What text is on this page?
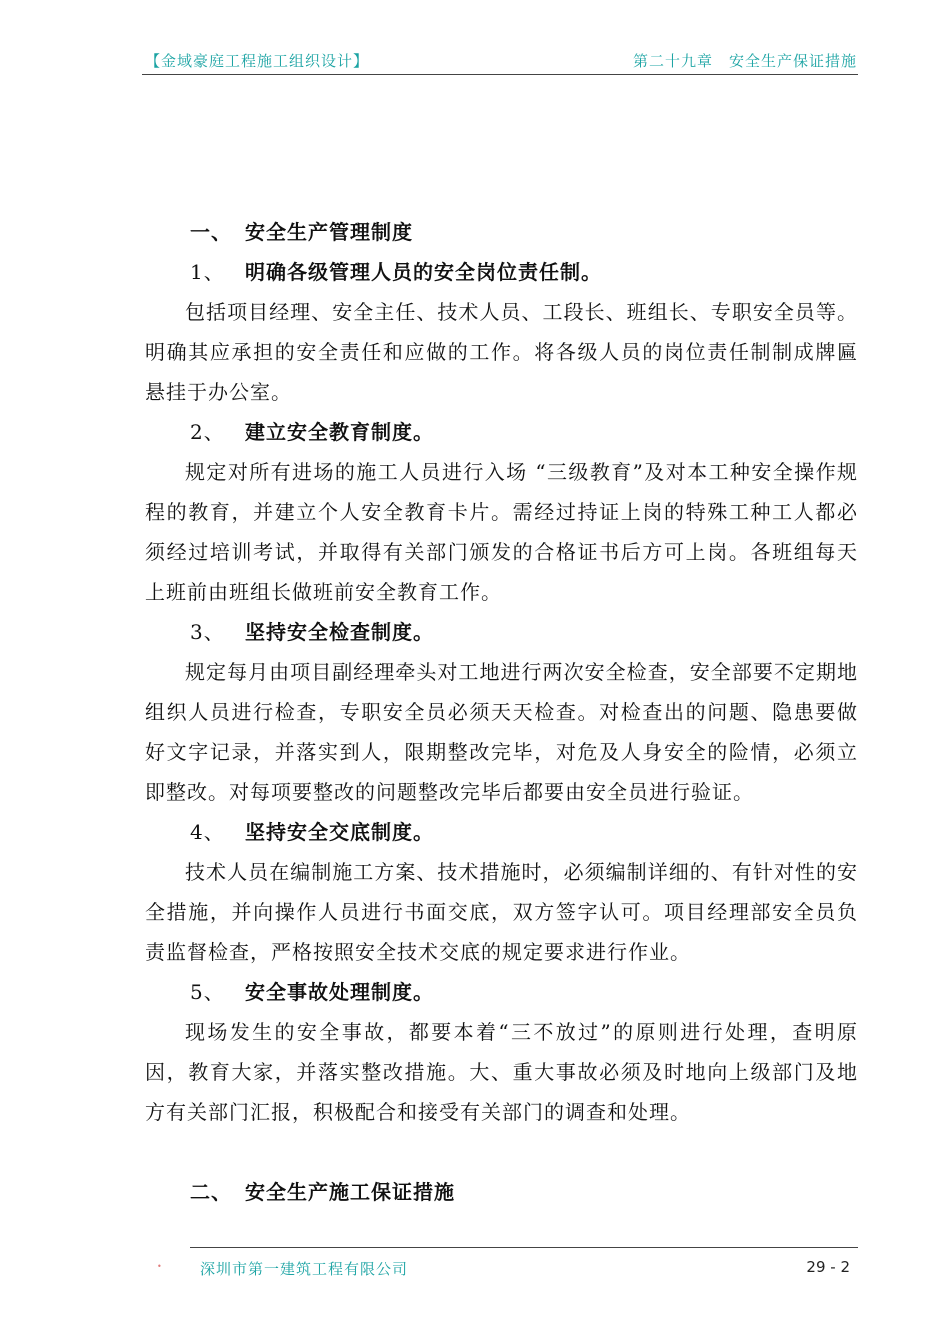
【金域豪庭工程施工组织设计】	第二十九章　安全生产保证措施
一、 安全生产管理制度
1、 明确各级管理人员的安全岗位责任制。

包括项目经理、安全主任、技术人员、工段长、班组长、专职安全员等。明确其应承担的安全责任和应做的工作。将各级人员的岗位责任制制成牌匾悬挂于办公室。

2、 建立安全教育制度。

规定对所有进场的施工人员进行入场 “三级教育”及对本工种安全操作规程的教育，并建立个人安全教育卡片。需经过持证上岗的特殊工种工人都必须经过培训考试，并取得有关部门颁发的合格证书后方可上岗。各班组每天上班前由班组长做班前安全教育工作。

3、 坚持安全检查制度。

规定每月由项目副经理牵头对工地进行两次安全检查，安全部要不定期地组织人员进行检查，专职安全员必须天天检查。对检查出的问题、隐患要做好文字记录，并落实到人，限期整改完毕，对危及人身安全的险情，必须立即整改。对每项要整改的问题整改完毕后都要由安全员进行验证。

4、 坚持安全交底制度。

技术人员在编制施工方案、技术措施时，必须编制详细的、有针对性的安全措施，并向操作人员进行书面交底，双方签字认可。项目经理部安全员负责监督检查，严格按照安全技术交底的规定要求进行作业。

5、 安全事故处理制度。

现场发生的安全事故，都要本着“三不放过”的原则进行处理，查明原因，教育大家，并落实整改措施。大、重大事故必须及时地向上级部门及地方有关部门汇报，积极配合和接受有关部门的调查和处理。

二、 安全生产施工保证措施
•	深圳市第一建筑工程有限公司	29 - 2
